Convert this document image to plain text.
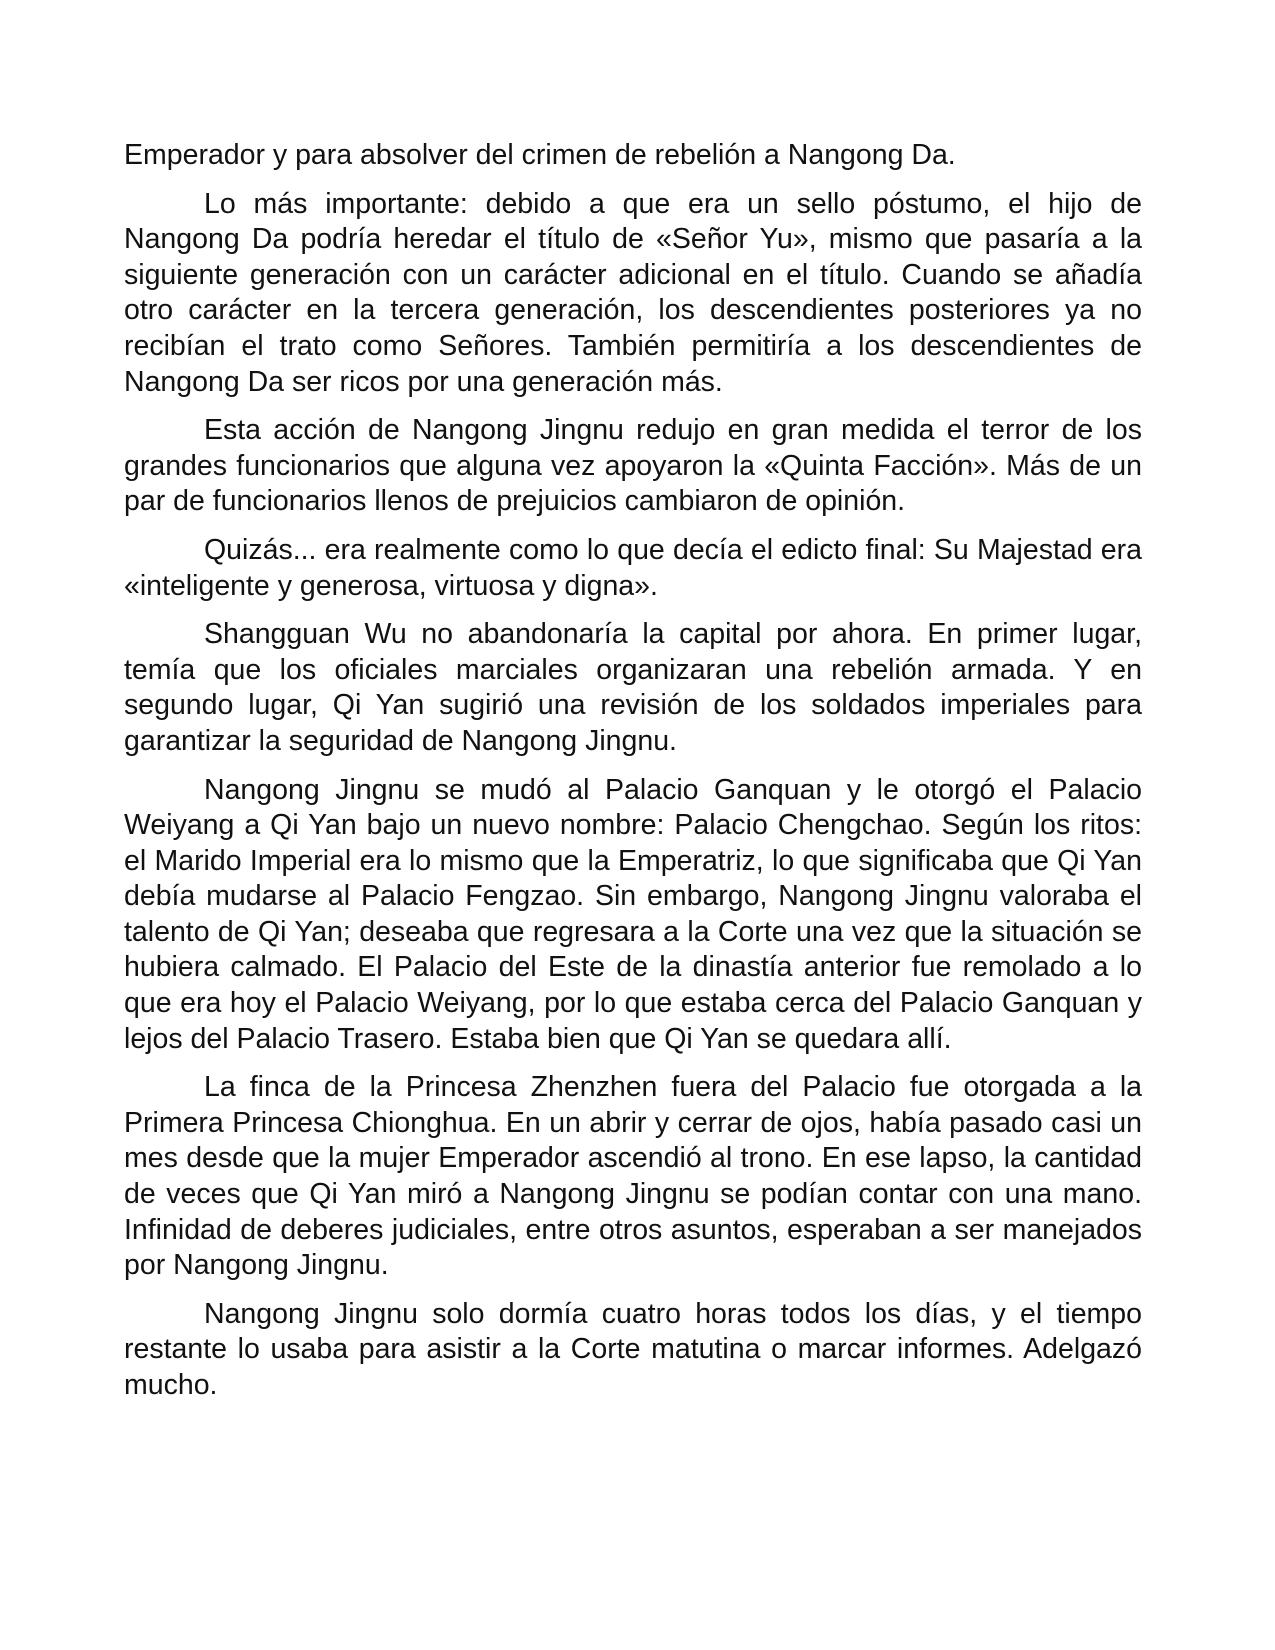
Emperador y para absolver del crimen de rebelión a Nangong Da.

Lo más importante: debido a que era un sello póstumo, el hijo de Nangong Da podría heredar el título de «Señor Yu», mismo que pasaría a la siguiente generación con un carácter adicional en el título. Cuando se añadía otro carácter en la tercera generación, los descendientes posteriores ya no recibían el trato como Señores. También permitiría a los descendientes de Nangong Da ser ricos por una generación más.

Esta acción de Nangong Jingnu redujo en gran medida el terror de los grandes funcionarios que alguna vez apoyaron la «Quinta Facción». Más de un par de funcionarios llenos de prejuicios cambiaron de opinión.

Quizás... era realmente como lo que decía el edicto final: Su Majestad era «inteligente y generosa, virtuosa y digna».

Shangguan Wu no abandonaría la capital por ahora. En primer lugar, temía que los oficiales marciales organizaran una rebelión armada. Y en segundo lugar, Qi Yan sugirió una revisión de los soldados imperiales para garantizar la seguridad de Nangong Jingnu.

Nangong Jingnu se mudó al Palacio Ganquan y le otorgó el Palacio Weiyang a Qi Yan bajo un nuevo nombre: Palacio Chengchao. Según los ritos: el Marido Imperial era lo mismo que la Emperatriz, lo que significaba que Qi Yan debía mudarse al Palacio Fengzao. Sin embargo, Nangong Jingnu valoraba el talento de Qi Yan; deseaba que regresara a la Corte una vez que la situación se hubiera calmado. El Palacio del Este de la dinastía anterior fue remolado a lo que era hoy el Palacio Weiyang, por lo que estaba cerca del Palacio Ganquan y lejos del Palacio Trasero. Estaba bien que Qi Yan se quedara allí.

La finca de la Princesa Zhenzhen fuera del Palacio fue otorgada a la Primera Princesa Chionghua. En un abrir y cerrar de ojos, había pasado casi un mes desde que la mujer Emperador ascendió al trono. En ese lapso, la cantidad de veces que Qi Yan miró a Nangong Jingnu se podían contar con una mano. Infinidad de deberes judiciales, entre otros asuntos, esperaban a ser manejados por Nangong Jingnu.

Nangong Jingnu solo dormía cuatro horas todos los días, y el tiempo restante lo usaba para asistir a la Corte matutina o marcar informes. Adelgazó mucho.
